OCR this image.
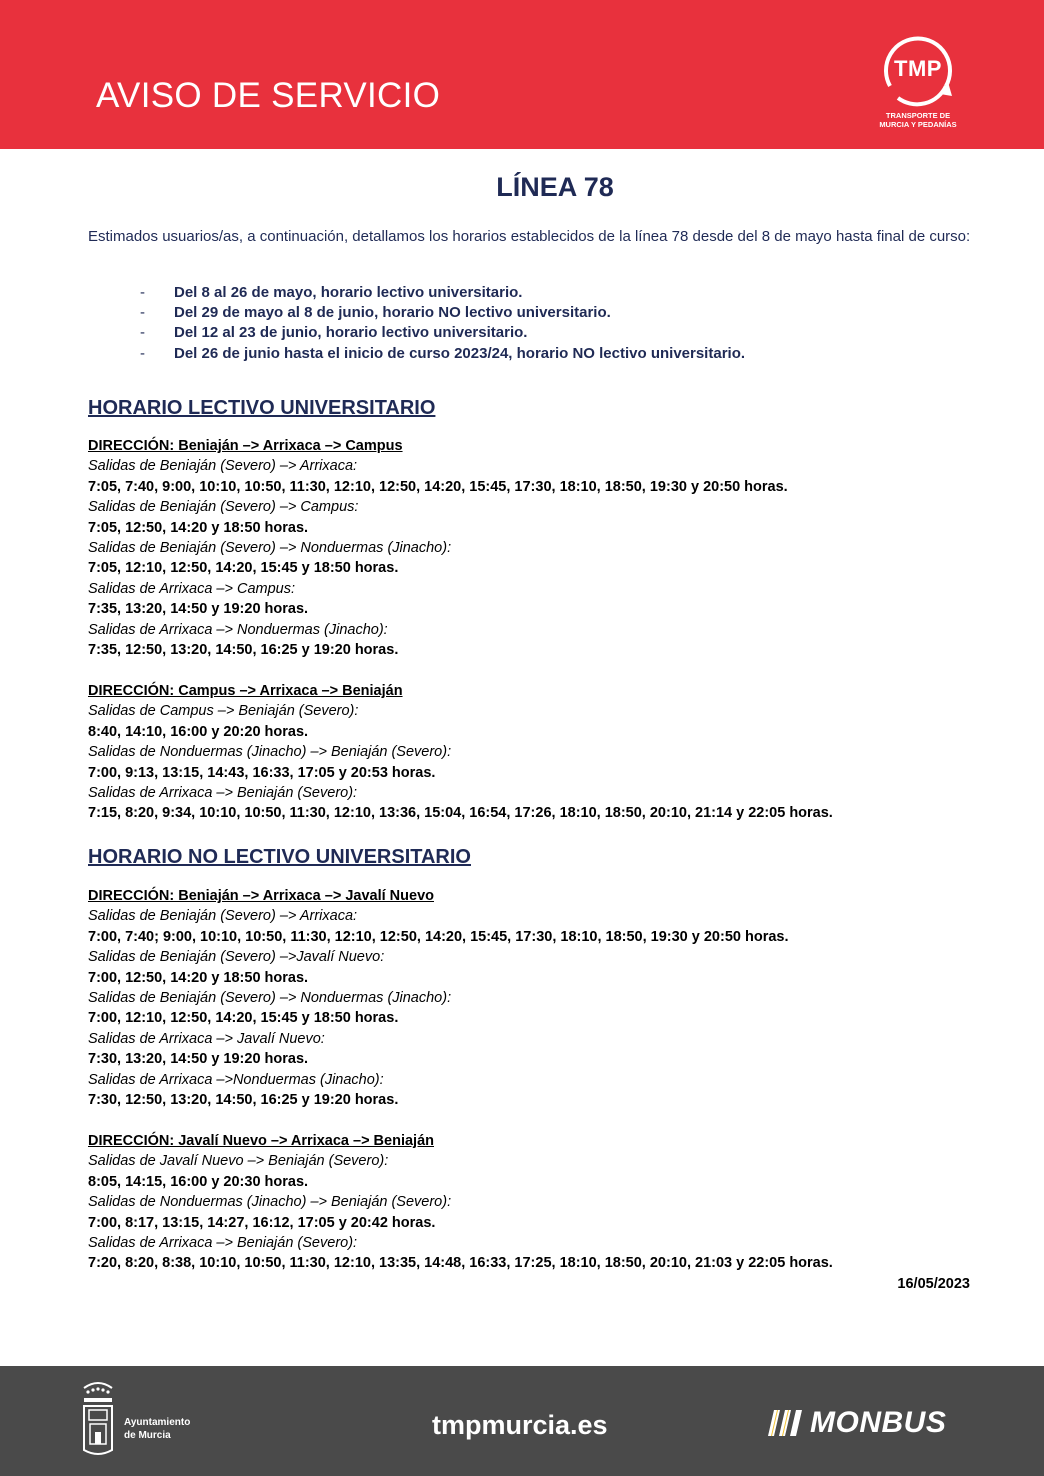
AVISO DE SERVICIO
TMP
TRANSPORTE DE
MURCIA Y PEDANÍAS
LÍNEA 78
Estimados usuarios/as, a continuación, detallamos los horarios establecidos de la línea 78 desde del 8 de mayo hasta final de curso:
- Del 8 al 26 de mayo, horario lectivo universitario.
- Del 29 de mayo al 8 de junio, horario NO lectivo universitario.
- Del 12 al 23 de junio, horario lectivo universitario.
- Del 26 de junio hasta el inicio de curso 2023/24, horario NO lectivo universitario.
HORARIO LECTIVO UNIVERSITARIO
DIRECCIÓN: Beniaján –> Arrixaca –> Campus
Salidas de Beniaján (Severo) –> Arrixaca:
7:05, 7:40, 9:00, 10:10, 10:50, 11:30, 12:10, 12:50, 14:20, 15:45, 17:30, 18:10, 18:50, 19:30 y 20:50 horas.
Salidas de Beniaján (Severo) –> Campus:
7:05, 12:50, 14:20 y 18:50 horas.
Salidas de Beniaján (Severo) –> Nonduermas (Jinacho):
7:05, 12:10, 12:50, 14:20, 15:45 y 18:50 horas.
Salidas de Arrixaca –> Campus:
7:35, 13:20, 14:50 y 19:20 horas.
Salidas de Arrixaca –> Nonduermas (Jinacho):
7:35, 12:50, 13:20, 14:50, 16:25 y 19:20 horas.
DIRECCIÓN: Campus –> Arrixaca –> Beniaján
Salidas de Campus –> Beniaján (Severo):
8:40, 14:10, 16:00 y 20:20 horas.
Salidas de Nonduermas (Jinacho) –> Beniaján (Severo):
7:00, 9:13, 13:15, 14:43, 16:33, 17:05 y 20:53 horas.
Salidas de Arrixaca –> Beniaján (Severo):
7:15, 8:20, 9:34, 10:10, 10:50, 11:30, 12:10, 13:36, 15:04, 16:54, 17:26, 18:10, 18:50, 20:10, 21:14 y 22:05 horas.
HORARIO NO LECTIVO UNIVERSITARIO
DIRECCIÓN: Beniaján –> Arrixaca –> Javalí Nuevo
Salidas de Beniaján (Severo) –> Arrixaca:
7:00, 7:40; 9:00, 10:10, 10:50, 11:30, 12:10, 12:50, 14:20, 15:45, 17:30, 18:10, 18:50, 19:30 y 20:50 horas.
Salidas de Beniaján (Severo) –>Javalí Nuevo:
7:00, 12:50, 14:20 y 18:50 horas.
Salidas de Beniaján (Severo) –> Nonduermas (Jinacho):
7:00, 12:10, 12:50, 14:20, 15:45 y 18:50 horas.
Salidas de Arrixaca –> Javalí Nuevo:
7:30, 13:20, 14:50 y 19:20 horas.
Salidas de Arrixaca –>Nonduermas (Jinacho):
7:30, 12:50, 13:20, 14:50, 16:25 y 19:20 horas.
DIRECCIÓN: Javalí Nuevo –> Arrixaca –> Beniaján
Salidas de Javalí Nuevo –> Beniaján (Severo):
8:05, 14:15, 16:00 y 20:30 horas.
Salidas de Nonduermas (Jinacho) –> Beniaján (Severo):
7:00, 8:17, 13:15, 14:27, 16:12, 17:05 y 20:42 horas.
Salidas de Arrixaca –> Beniaján (Severo):
7:20, 8:20, 8:38, 10:10, 10:50, 11:30, 12:10, 13:35, 14:48, 16:33, 17:25, 18:10, 18:50, 20:10, 21:03 y 22:05 horas.
16/05/2023
Ayuntamiento
de Murcia	tmpmurcia.es	MONBUS
